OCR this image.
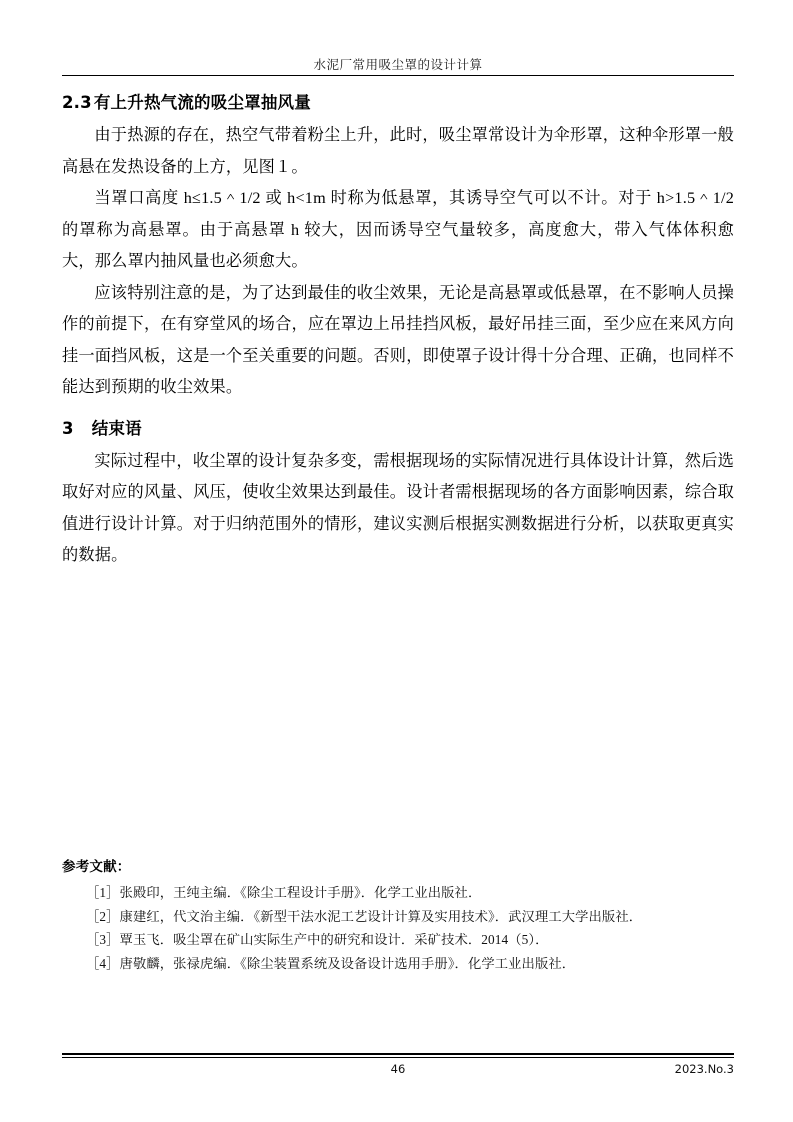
水泥厂常用吸尘罩的设计计算
2.3 有上升热气流的吸尘罩抽风量

由于热源的存在，热空气带着粉尘上升，此时，吸尘罩常设计为伞形罩，这种伞形罩一般高悬在发热设备的上方，见图１。

当罩口高度 h≤1.5＾1/2 或 h<1m 时称为低悬罩，其诱导空气可以不计。对于 h>1.5＾1/2 的罩称为高悬罩。由于高悬罩 h 较大，因而诱导空气量较多，高度愈大，带入气体体积愈大，那么罩内抽风量也必须愈大。

应该特别注意的是，为了达到最佳的收尘效果，无论是高悬罩或低悬罩，在不影响人员操作的前提下，在有穿堂风的场合，应在罩边上吊挂挡风板，最好吊挂三面，至少应在来风方向挂一面挡风板，这是一个至关重要的问题。否则，即使罩子设计得十分合理、正确，也同样不能达到预期的收尘效果。

3 结束语

实际过程中，收尘罩的设计复杂多变，需根据现场的实际情况进行具体设计计算，然后选取好对应的风量、风压，使收尘效果达到最佳。设计者需根据现场的各方面影响因素，综合取值进行设计计算。对于归纳范围外的情形，建议实测后根据实测数据进行分析，以获取更真实的数据。

参考文献：
［1］张殿印，王纯主编．《除尘工程设计手册》．化学工业出版社．
［2］康建红，代文治主编．《新型干法水泥工艺设计计算及实用技术》．武汉理工大学出版社．
［3］覃玉飞．吸尘罩在矿山实际生产中的研究和设计．采矿技术．2014（5）．
［4］唐敬麟，张禄虎编．《除尘装置系统及设备设计选用手册》．化学工业出版社．
46	2023.No.3
